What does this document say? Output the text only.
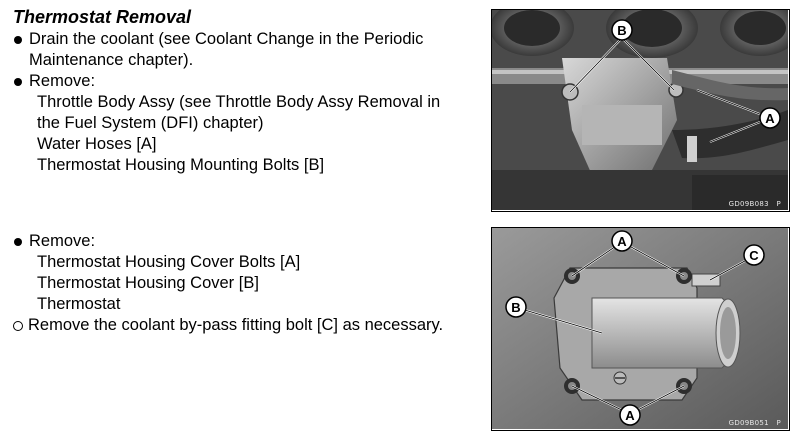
Thermostat Removal
Drain the coolant (see Coolant Change in the Periodic
Maintenance chapter).
Remove:
Throttle Body Assy (see Throttle Body Assy Removal in
the Fuel System (DFI) chapter)
Water Hoses [A]
Thermostat Housing Mounting Bolts [B]
Remove:
Thermostat Housing Cover Bolts [A]
Thermostat Housing Cover [B]
Thermostat
Remove the coolant by-pass fitting bolt [C] as necessary.
B
A
GD09B083 P
A
C
B
A	GD09B051 P
